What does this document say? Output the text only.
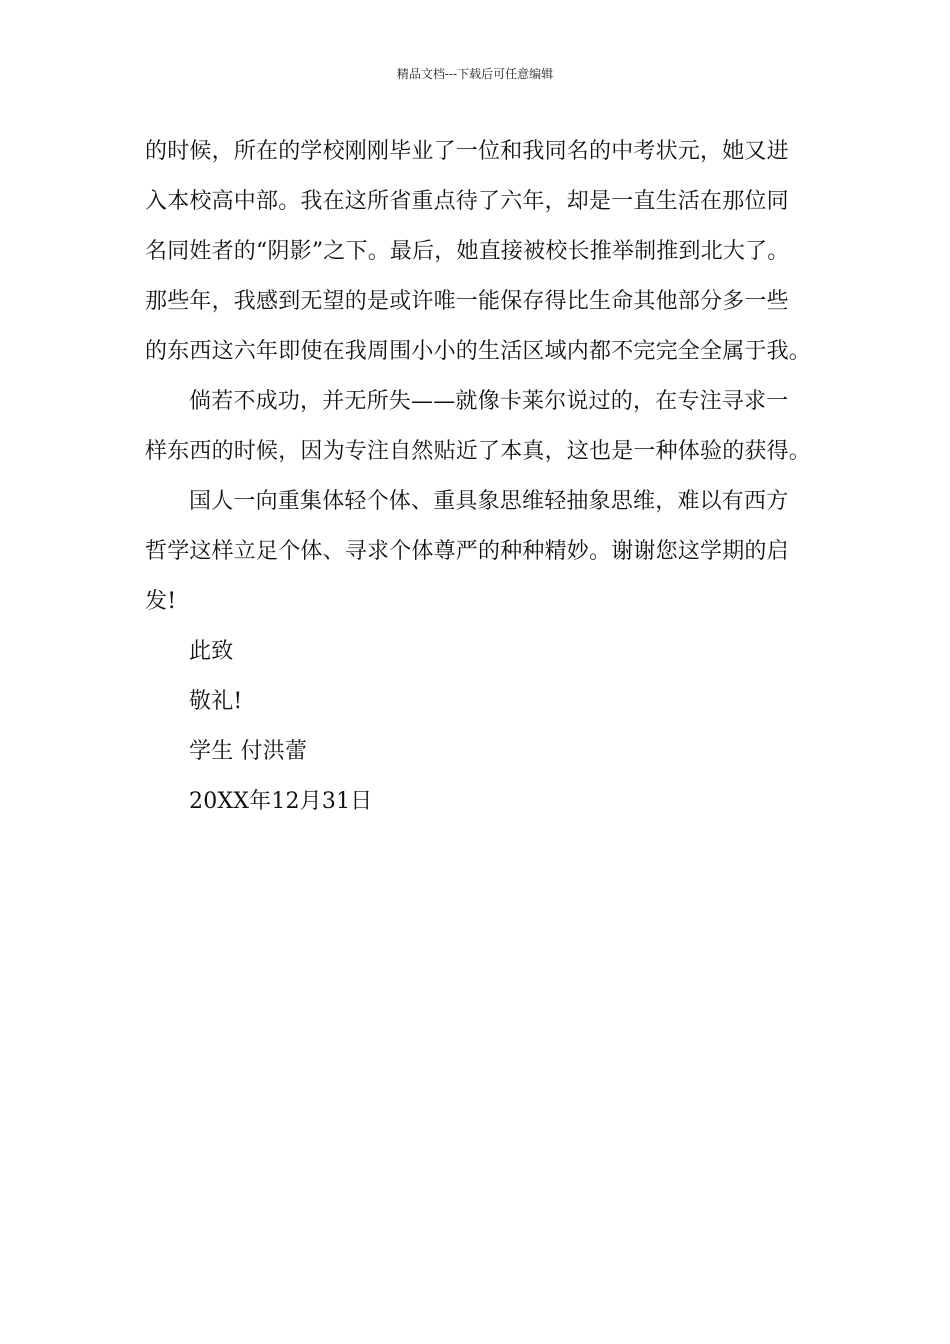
精品文档---下载后可任意编辑
的时候，所在的学校刚刚毕业了一位和我同名的中考状元，她又进
入本校高中部。我在这所省重点待了六年，却是一直生活在那位同
名同姓者的“阴影”之下。最后，她直接被校长推举制推到北大了。
那些年，我感到无望的是或许唯一能保存得比生命其他部分多一些
的东西这六年即使在我周围小小的生活区域内都不完完全全属于我。
倘若不成功，并无所失——就像卡莱尔说过的，在专注寻求一
样东西的时候，因为专注自然贴近了本真，这也是一种体验的获得。
国人一向重集体轻个体、重具象思维轻抽象思维，难以有西方
哲学这样立足个体、寻求个体尊严的种种精妙。谢谢您这学期的启
发!
此致
敬礼!
学生 付洪蕾
20XX年12月31日
